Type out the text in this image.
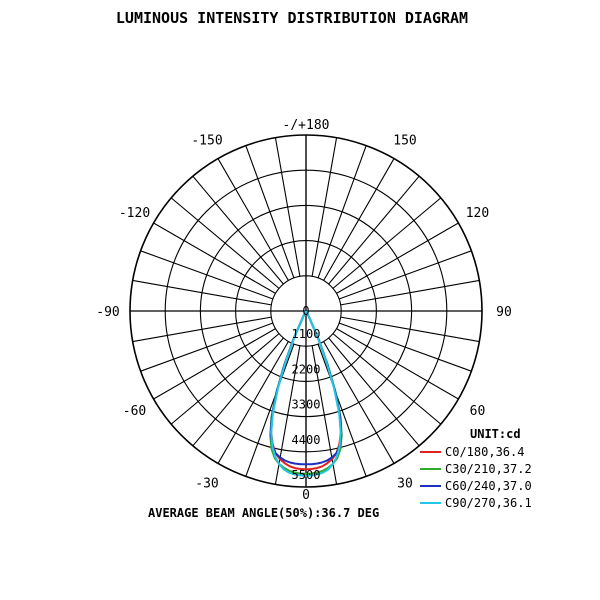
LUMINOUS INTENSITY DISTRIBUTION DIAGRAM
-/+180
-150	150
-120	120
-90	90
-60	60
-30	30
0
0
1100
2200
3300
4400
5500
UNIT:cd
C0/180,36.4
C30/210,37.2
C60/240,37.0
C90/270,36.1
AVERAGE BEAM ANGLE(50%):36.7 DEG
